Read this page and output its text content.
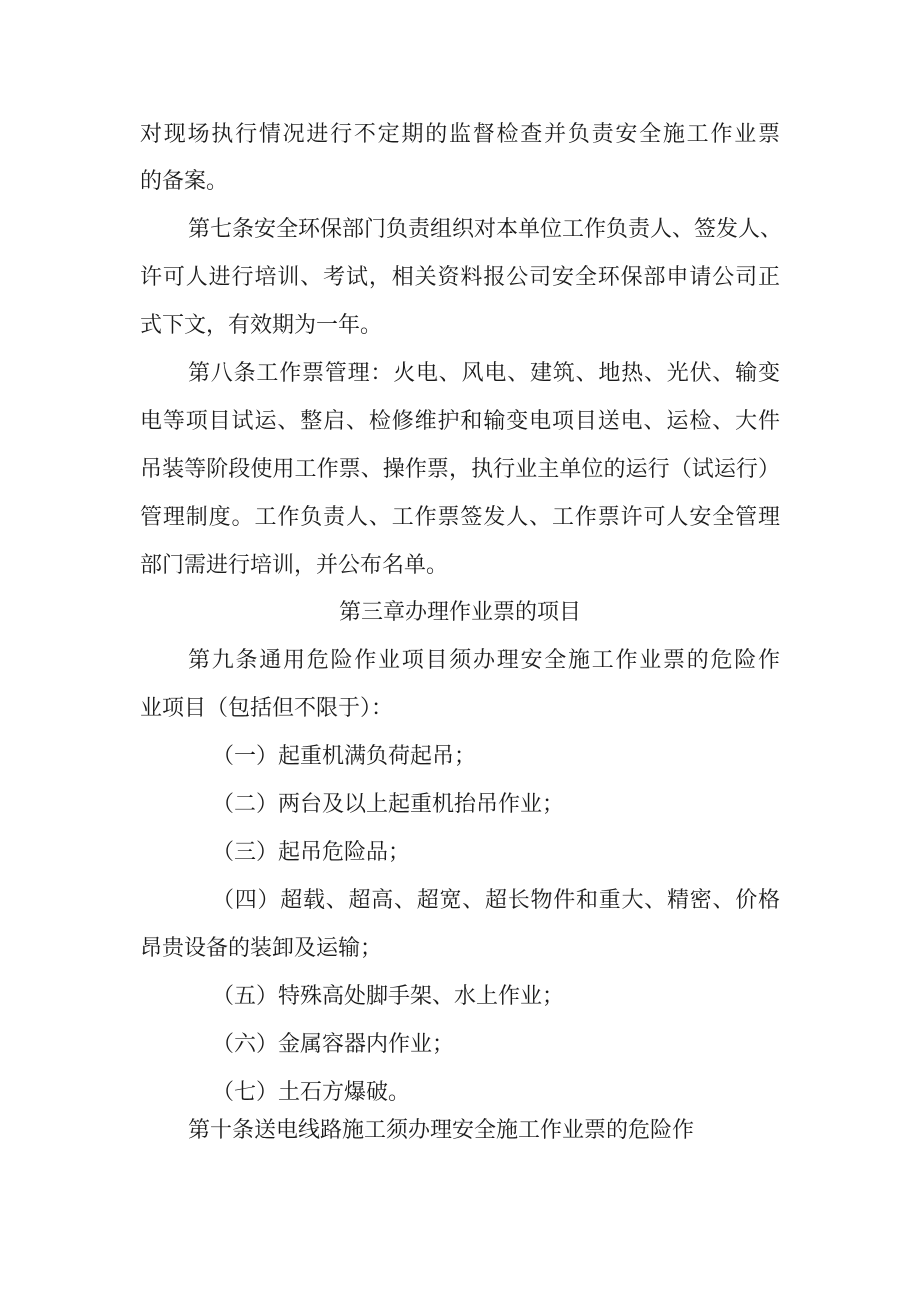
对现场执行情况进行不定期的监督检查并负责安全施工作业票
的备案。
第七条安全环保部门负责组织对本单位工作负责人、签发人、
许可人进行培训、考试，相关资料报公司安全环保部申请公司正
式下文，有效期为一年。
第八条工作票管理：火电、风电、建筑、地热、光伏、输变
电等项目试运、整启、检修维护和输变电项目送电、运检、大件
吊装等阶段使用工作票、操作票，执行业主单位的运行（试运行）
管理制度。工作负责人、工作票签发人、工作票许可人安全管理
部门需进行培训，并公布名单。
第三章办理作业票的项目
第九条通用危险作业项目须办理安全施工作业票的危险作
业项目（包括但不限于）：
（一）起重机满负荷起吊；
（二）两台及以上起重机抬吊作业；
（三）起吊危险品；
（四）超载、超高、超宽、超长物件和重大、精密、价格
昂贵设备的装卸及运输；
（五）特殊高处脚手架、水上作业；
（六）金属容器内作业；
（七）土石方爆破。
第十条送电线路施工须办理安全施工作业票的危险作
